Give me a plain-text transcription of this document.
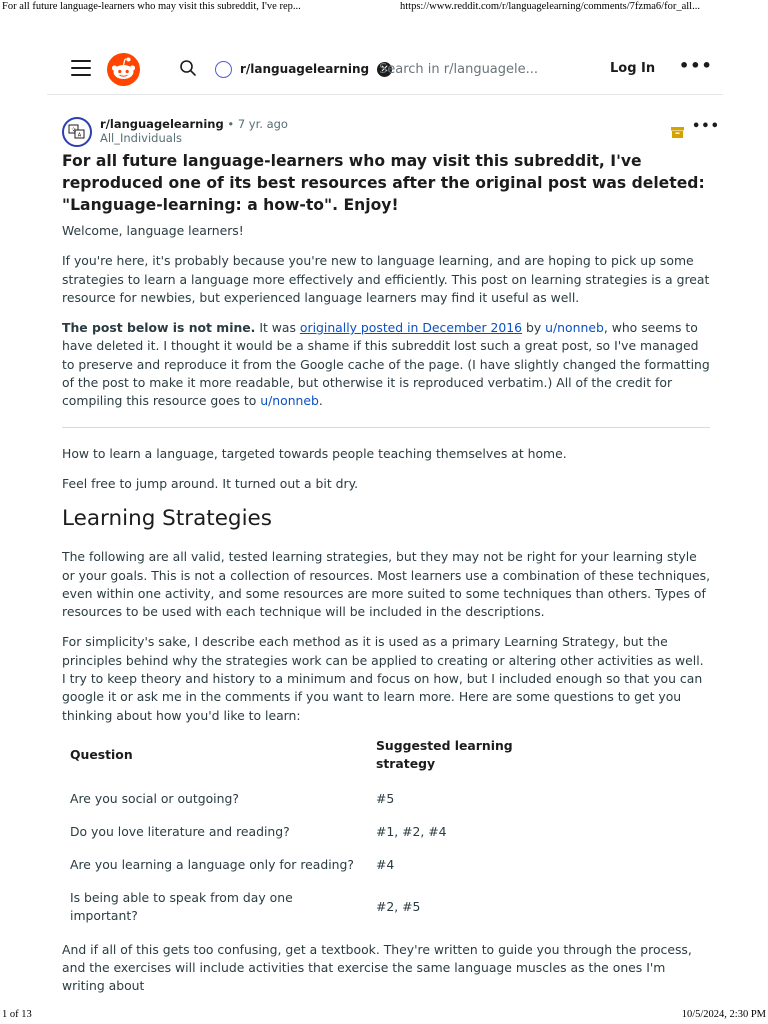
For all future language-learners who may visit this subreddit, I've rep...	https://www.reddit.com/r/languagelearning/comments/7fzma6/for_all...
r/languagelearning	✕
Search in r/languagele...	Log In •••
文
A
r/languagelearning • 7 yr. ago
All_Individuals
•••
For all future language-learners who may visit this subreddit, I've reproduced one of its best resources after the original post was deleted: "Language-learning: a how-to". Enjoy!

Welcome, language learners!

If you're here, it's probably because you're new to language learning, and are hoping to pick up some strategies to learn a language more effectively and efficiently. This post on learning strategies is a great resource for newbies, but experienced language learners may find it useful as well.

The post below is not mine. It was originally posted in December 2016 by u/nonneb, who seems to have deleted it. I thought it would be a shame if this subreddit lost such a great post, so I've managed to preserve and reproduce it from the Google cache of the page. (I have slightly changed the formatting of the post to make it more readable, but otherwise it is reproduced verbatim.) All of the credit for compiling this resource goes to u/nonneb.

How to learn a language, targeted towards people teaching themselves at home.

Feel free to jump around. It turned out a bit dry.

Learning Strategies

The following are all valid, tested learning strategies, but they may not be right for your learning style or your goals. This is not a collection of resources. Most learners use a combination of these techniques, even within one activity, and some resources are more suited to some techniques than others. Types of resources to be used with each technique will be included in the descriptions.

For simplicity's sake, I describe each method as it is used as a primary Learning Strategy, but the principles behind why the strategies work can be applied to creating or altering other activities as well. I try to keep theory and history to a minimum and focus on how, but I included enough so that you can google it or ask me in the comments if you want to learn more. Here are some questions to get you thinking about how you'd like to learn:

Question	Suggested learning strategy
Are you social or outgoing?	#5
Do you love literature and reading?	#1, #2, #4
Are you learning a language only for reading?	#4
Is being able to speak from day one important?	#2, #5

And if all of this gets too confusing, get a textbook. They're written to guide you through the process, and the exercises will include activities that exercise the same language muscles as the ones I'm writing about

1 of 13	10/5/2024, 2:30 PM
